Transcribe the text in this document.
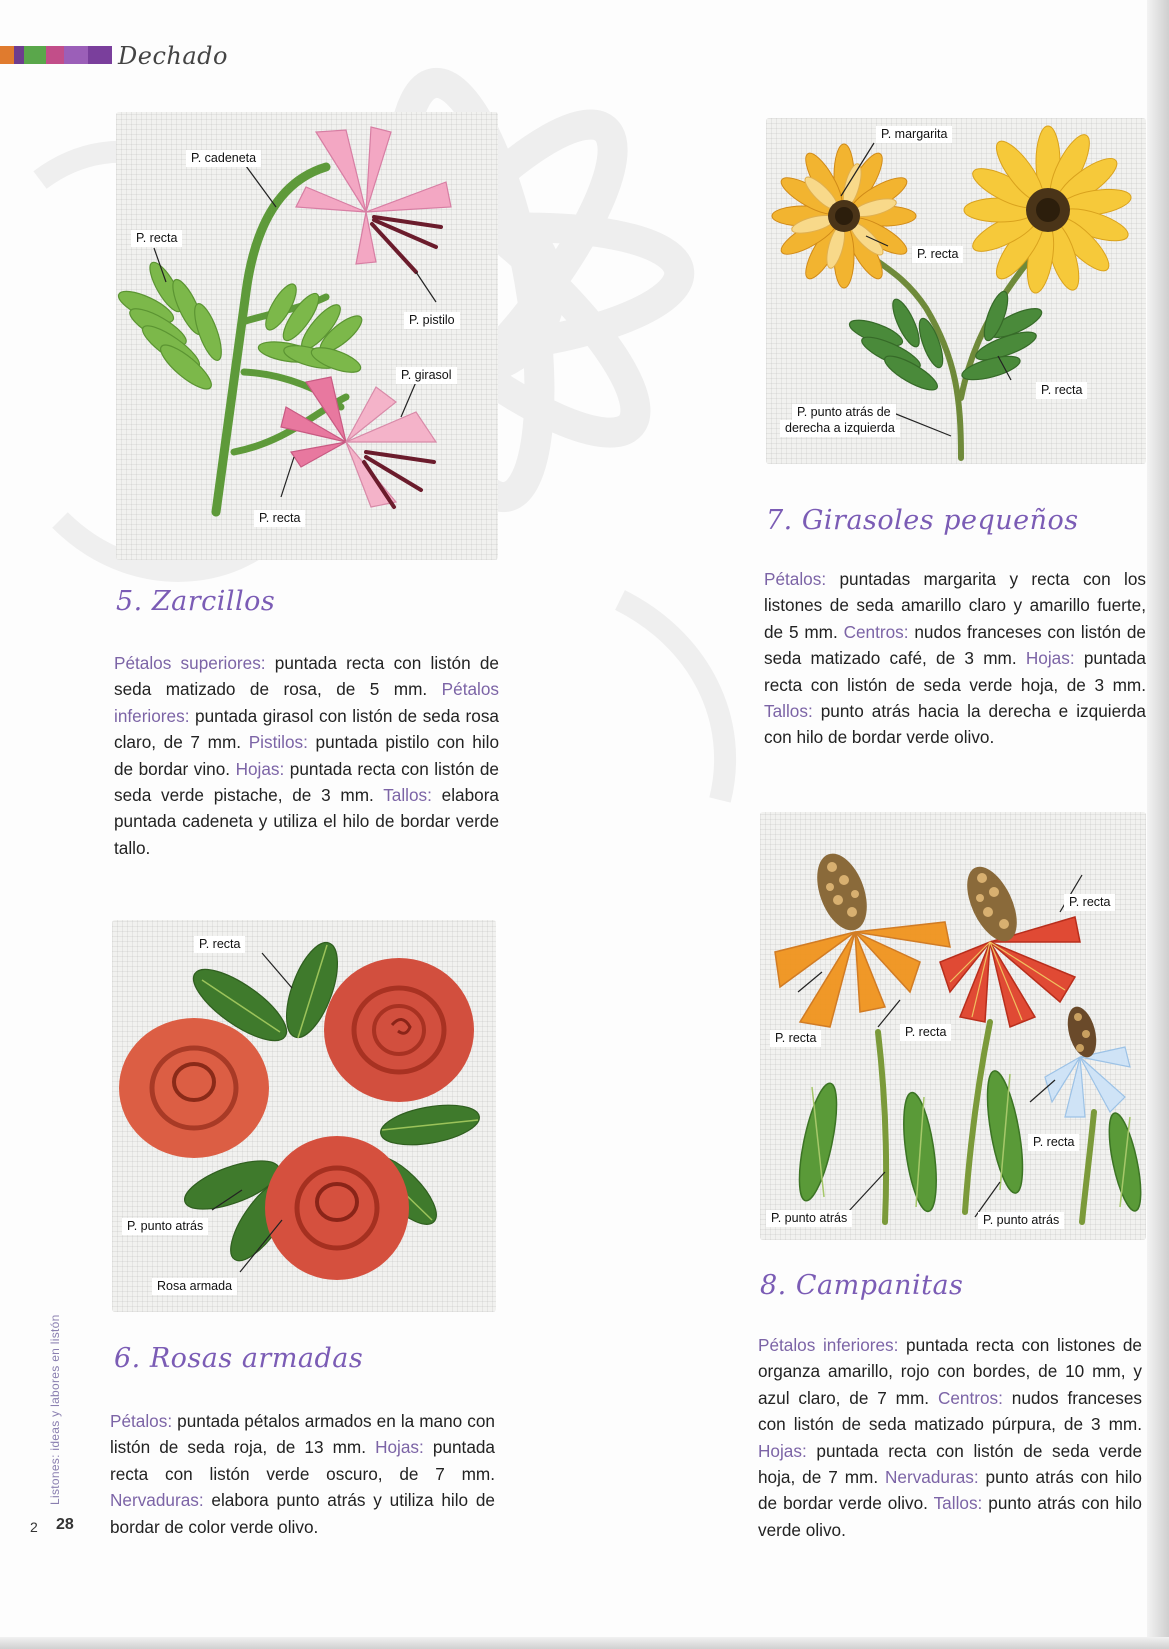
Dechado
P. cadeneta
P. recta
P. pistilo
P. girasol
P. recta
5. Zarcillos
Pétalos superiores: puntada recta con listón de seda matizado de rosa, de 5 mm. Pétalos inferiores: puntada girasol con listón de seda rosa claro, de 7 mm. Pistilos: puntada pistilo con hilo de bordar vino. Hojas: puntada recta con listón de seda verde pistache, de 3 mm. Tallos: elabora puntada cadeneta y utiliza el hilo de bordar verde tallo.
P. recta
P. punto atrás
Rosa armada
6. Rosas armadas
Pétalos: puntada pétalos armados en la mano con listón de seda roja, de 13 mm. Hojas: puntada recta con listón verde oscuro, de 7 mm. Nervaduras: elabora punto atrás y utiliza hilo de bordar de color verde olivo.
P. margarita
P. recta
P. recta
P. punto atrás de
derecha a izquierda
7. Girasoles pequeños
Pétalos: puntadas margarita y recta con los listones de seda amarillo claro y amarillo fuerte, de 5 mm. Centros: nudos franceses con listón de seda matizado café, de 3 mm. Hojas: puntada recta con listón de seda verde hoja, de 3 mm. Tallos: punto atrás hacia la derecha e izquierda con hilo de bordar verde olivo.
P. recta
P. recta	P. recta
P. recta
P. punto atrás	P. punto atrás
8. Campanitas
Pétalos inferiores: puntada recta con listones de organza amarillo, rojo con bordes, de 10 mm, y azul claro, de 7 mm. Centros: nudos franceses con listón de seda matizado púrpura, de 3 mm. Hojas: puntada recta con listón de seda verde hoja, de 7 mm. Nervaduras: punto atrás con hilo de bordar verde olivo. Tallos: punto atrás con hilo verde olivo.
Listones: ideas y labores en listón
2 28
